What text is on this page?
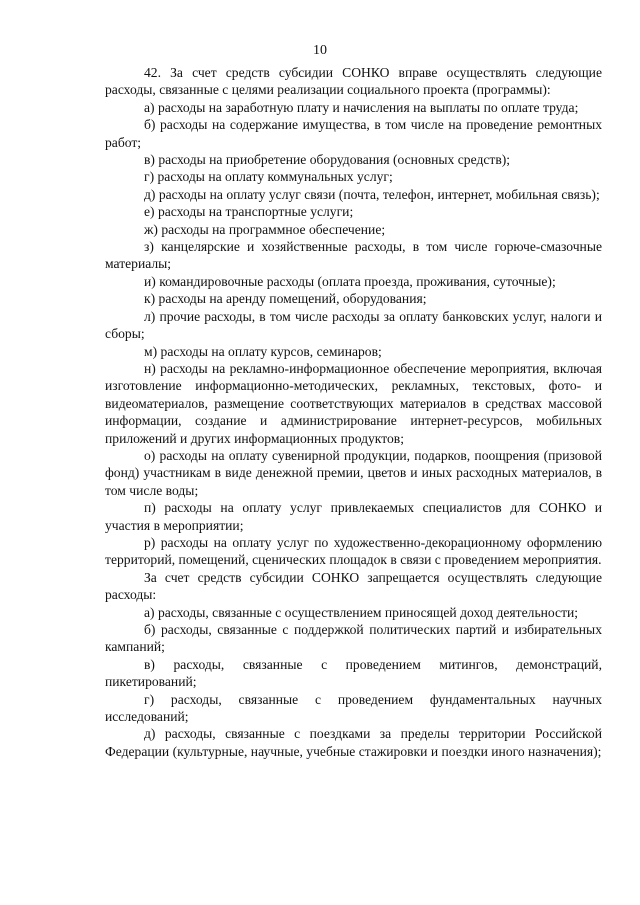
10

42. За счет средств субсидии СОНКО вправе осуществлять следующие расходы, связанные с целями реализации социального проекта (программы):

а) расходы на заработную плату и начисления на выплаты по оплате труда;

б) расходы на содержание имущества, в том числе на проведение ремонтных работ;

в) расходы на приобретение оборудования (основных средств);

г) расходы на оплату коммунальных услуг;

д) расходы на оплату услуг связи (почта, телефон, интернет, мобильная связь);

е) расходы на транспортные услуги;

ж) расходы на программное обеспечение;

з) канцелярские и хозяйственные расходы, в том числе горюче-смазочные материалы;

и) командировочные расходы (оплата проезда, проживания, суточные);

к) расходы на аренду помещений, оборудования;

л) прочие расходы, в том числе расходы за оплату банковских услуг, налоги и сборы;

м) расходы на оплату курсов, семинаров;

н) расходы на рекламно-информационное обеспечение мероприятия, включая изготовление информационно-методических, рекламных, текстовых, фото- и видеоматериалов, размещение соответствующих материалов в средствах массовой информации, создание и администрирование интернет-ресурсов, мобильных приложений и других информационных продуктов;

о) расходы на оплату сувенирной продукции, подарков, поощрения (призовой фонд) участникам в виде денежной премии, цветов и иных расходных материалов, в том числе воды;

п) расходы на оплату услуг привлекаемых специалистов для СОНКО и участия в мероприятии;

р) расходы на оплату услуг по художественно-декорационному оформлению территорий, помещений, сценических площадок в связи с проведением мероприятия.

За счет средств субсидии СОНКО запрещается осуществлять следующие расходы:

а) расходы, связанные с осуществлением приносящей доход деятельности;

б) расходы, связанные с поддержкой политических партий и избирательных кампаний;

в) расходы, связанные с проведением митингов, демонстраций, пикетирований;

г) расходы, связанные с проведением фундаментальных научных исследований;

д) расходы, связанные с поездками за пределы территории Российской Федерации (культурные, научные, учебные стажировки и поездки иного назначения);
